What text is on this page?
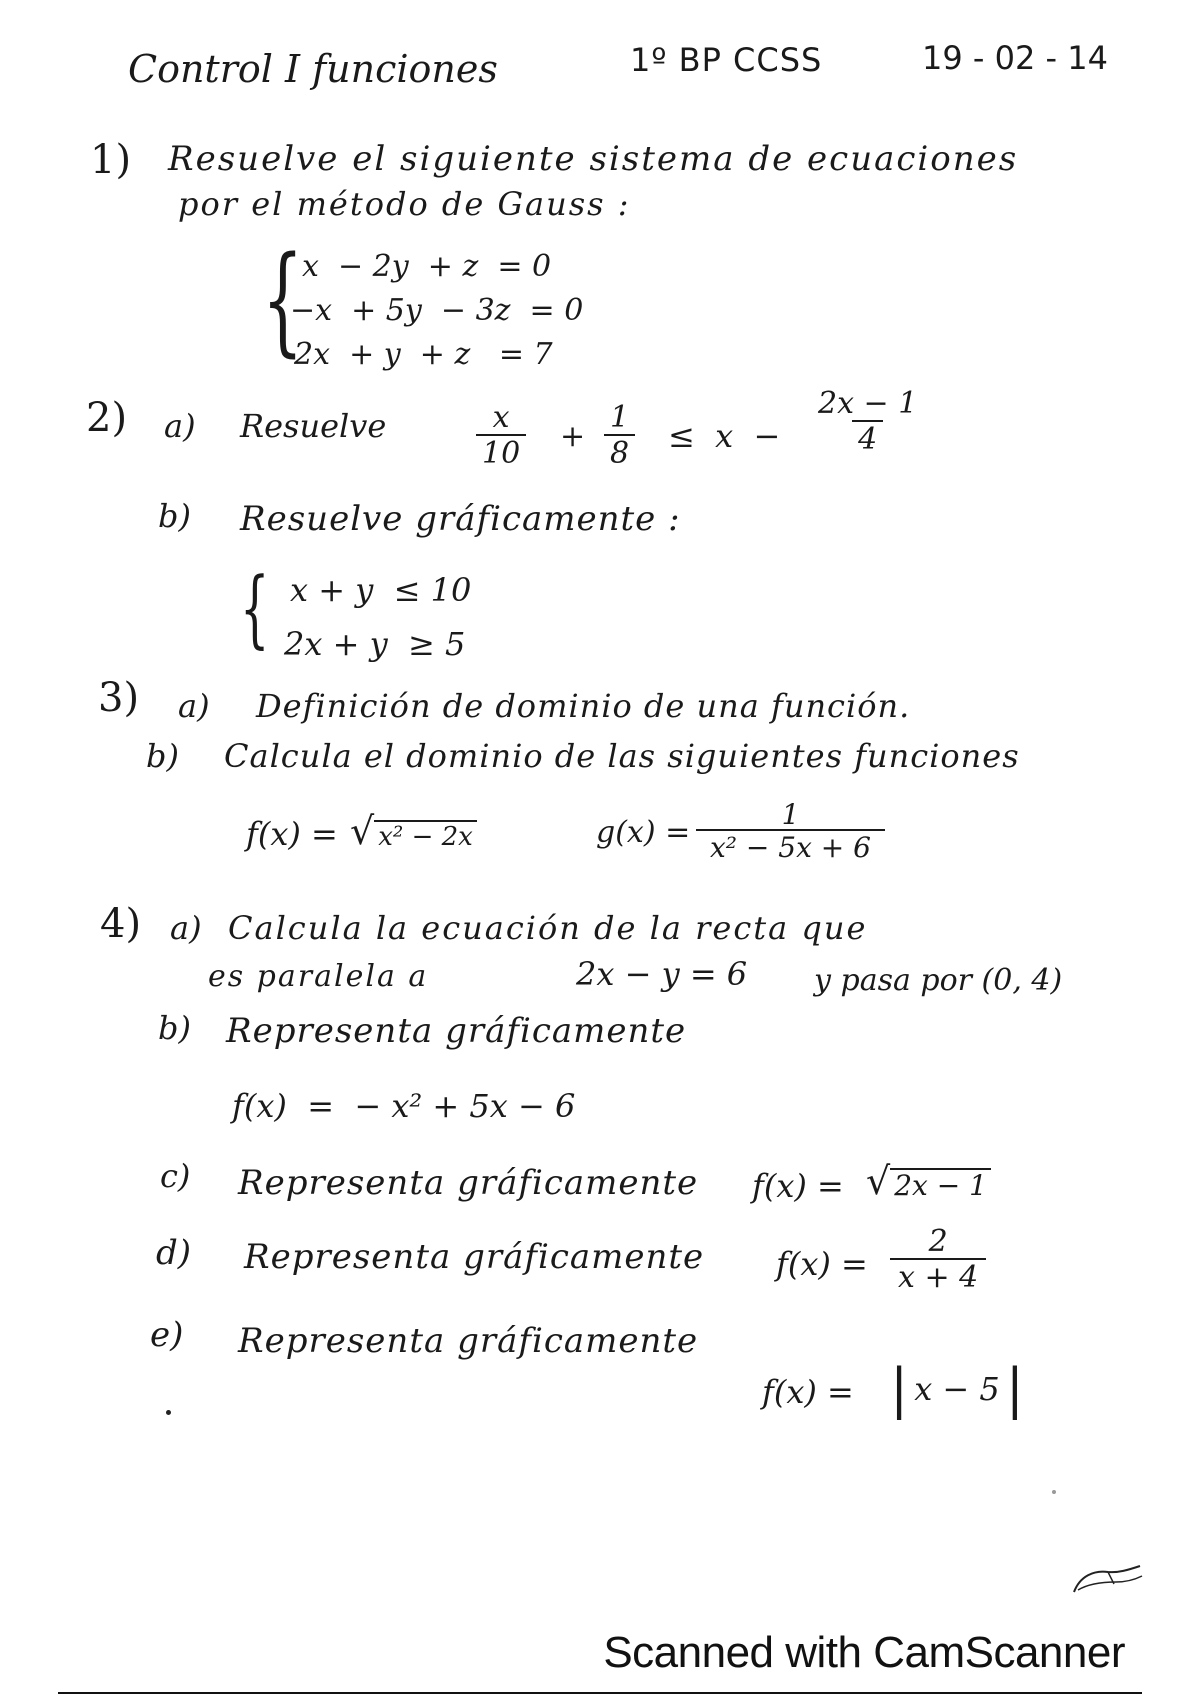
Control I funciones	1º BP CCSS	19 - 02 - 14
1) Resuelve el siguiente sistema de ecuaciones
por el método de Gauss :
{
x  − 2y  + z  = 0
−x  + 5y  − 3z  = 0
2x  + y  + z   = 7
2) a) Resuelve	$\frac{x}{10} + \frac{1}{8} \le x - \frac{2x - 1}{4}$
b) Resuelve gráficamente :
{ x + y  ≤ 10
2x + y  ≥ 5
3) a) Definición de dominio de una función.
b) Calcula el dominio de las siguientes funciones
f(x) = √ x² − 2x	$g(x) = \frac{1}{\text{x² − 5x + 6}}$
4) a) Calcula la ecuación de la recta que
es paralela a	2x − y = 6 y pasa por (0, 4)
b) Representa gráficamente
f(x)  =  − x² + 5x − 6
c) Representa gráficamente f(x) = √ 2x − 1
d) Representa gráficamente $f(x) = \frac{2}{x + 4}$
e) Representa gráficamente
f(x) = | x − 5 |
Scanned with CamScanner
